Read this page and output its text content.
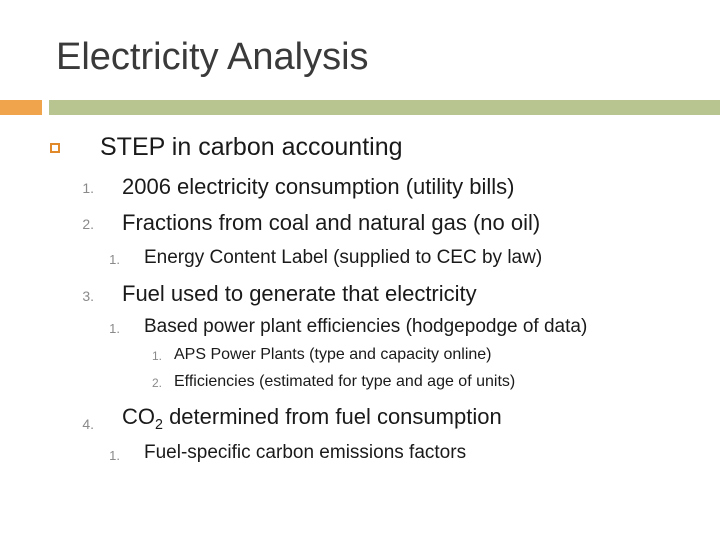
Electricity Analysis
STEP in carbon accounting
1. 2006 electricity consumption (utility bills)
2. Fractions from coal and natural gas (no oil)
1. Energy Content Label (supplied to CEC by law)
3. Fuel used to generate that electricity
1. Based power plant efficiencies (hodgepodge of data)
1. APS Power Plants (type and capacity online)
2. Efficiencies (estimated for type and age of units)
4. $CO_2$ determined from fuel consumption
1. Fuel-specific carbon emissions factors
